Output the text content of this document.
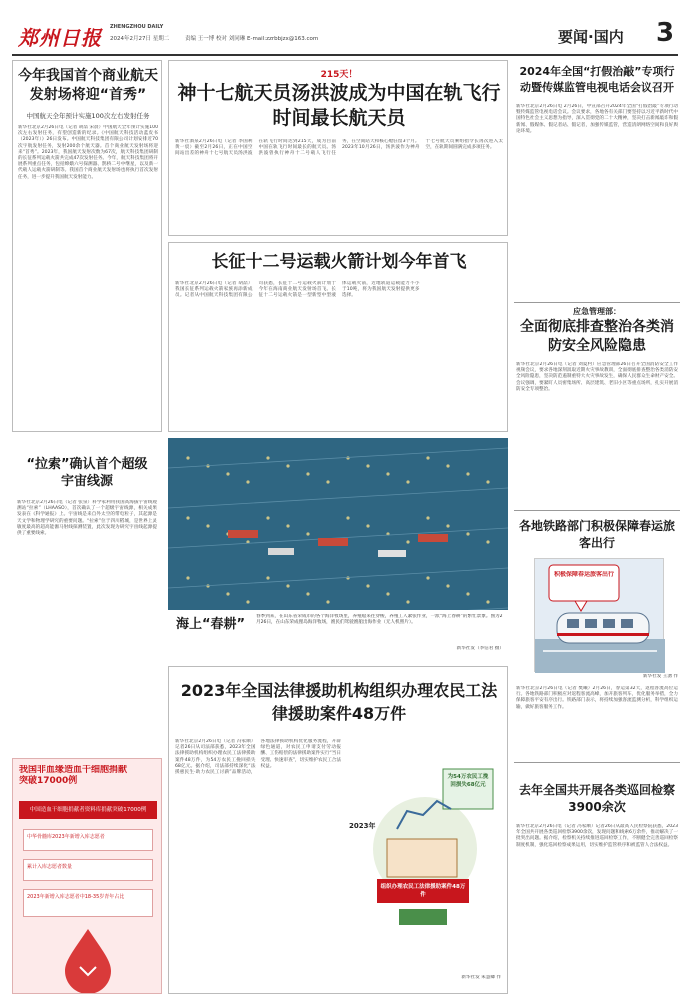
郑州日报	ZHENGZHOU DAILY
2024年2月27日 星期二	责编 王一博 校对 刘同琳 E-mail:zzrbbjzx@163.com	要闻·国内	3
今年我国首个商业航天发射场将迎“首秀”
中国航天全年预计实施100次左右发射任务
新华社北京2月26日电（记者 胡喆 宋晨）中国航天全年预计实施100次左右发射任务，有望创造新的纪录。《中国航天科技活动蓝皮书（2023年）》26日发布。中国航天科技集团有限公司计划安排近70次宇航发射任务，发射200余个航天器。首个商业航天发射场将迎来“首秀”。2023年，我国航天发射次数为67次，航天科技集团研制的长征系列运载火箭共完成47次发射任务。今年，航天科技集团将开展系列重点任务，包括嫦娥六号探测器、鹊桥二号中继星，以及新一代载人运载火箭研制等。我国首个商业航天发射场也将执行首次发射任务，进一步提升我国航天发射能力。
215天！
神十七航天员汤洪波成为中国在轨飞行时间最长航天员
新华社酒泉2月26日电（记者 李国利 黄一宸）截至2月26日，正在中国空间站出差的神舟十七号航天员汤洪波在轨飞行时间达到215天，成为目前中国在轨飞行时间最长的航天员。汤洪波曾执行神舟十二号载人飞行任务，在空间站天和核心舱驻留3个月。2023年10月26日，汤洪波作为神舟十七号航天员乘组指令长再次进入太空，在轨期间圆满完成多项任务。
长征十二号运载火箭计划今年首飞
新华社北京2月26日电（记者 胡喆）我国长征系列运载火箭家族再添新成员。记者从中国航天科技集团有限公司获悉，长征十二号运载火箭计划于今年在海南商业航天发射场首飞。长征十二号运载火箭是一型新型中型液体运载火箭，近地轨道运载能力不小于10吨，将为我国航天发射提供更多选择。
2024年全国“打假治敲”专项行动暨传媒监管电视电话会议召开
新华社北京2月26日电 2月26日，中宣部召开2024年全国“打假治敲”专项行动暨传媒监管电视电话会议。会议要求，各地各有关部门要坚持以习近平新时代中国特色社会主义思想为指导，深入贯彻党的二十大精神，坚决打击新闻敲诈和假新闻、假媒体、假记者站、假记者，加强传媒监管，营造清朗网络空间和良好舆论环境。
应急管理部：
全面彻底排查整治各类消防安全风险隐患
新华社北京2月26日电（记者 刘夏村）应急管理部26日召开全国消防安全工作视频会议，要求各地深刻汲取近期火灾事故教训，全面彻底排查整治各类消防安全风险隐患，坚决防范遏制重特大火灾事故发生，确保人民群众生命财产安全。会议强调，要紧盯人员密集场所、高层建筑、老旧小区等重点场所，扎实开展消防安全专项整治。
各地铁路部门积极保障春运旅客出行
积极保障春运旅客出行
新华社发 王湧 作
新华社北京2月26日电（记者 樊曦）2月26日，春运第32天，返程客流高位运行。各地铁路部门积极应对返程客流高峰，加开旅客列车，优化服务举措，全力保障旅客平安有序出行。铁路部门表示，将持续加强客流监测分析，科学组织运输，做好旅客服务工作。
去年全国共开展各类巡回检察3900余次
新华社北京2月26日电（记者 冯家顺）记者26日从最高人民检察院获悉，2023年全国共开展各类巡回检察3900余次，发现问题和线索6万余件，推动解决了一批突出问题。据介绍，检察机关持续推进巡回检察工作，不断健全完善巡回检察制度机制，强化巡回检察成果运用，切实维护监管秩序和被监管人合法权益。
“拉索”确认首个超级宇宙线源
新华社北京2月26日电（记者 张泉）科学家利用我国高海拔宇宙线观测站“拉索”（LHAASO），首次确认了一个超级宇宙线源，相关成果发表在《科学通报》上。宇宙线是来自外太空的带电粒子，其起源是天文学和物理学研究的重要问题。“拉索”位于四川稻城，是世界上灵敏度最高的超高能伽马射线探测装置，此次发现为研究宇宙线起源提供了重要线索。
我国非血缘造血干细胞捐献突破17000例
中国造血干细胞捐献者资料库捐献突破17000例
中华骨髓库2023年新增入库志愿者
累计入库志愿者数量
2023年新增入库志愿者中18-35岁青年占比
海上“春耕”
春季到来，在山东省荣成市的各个海洋牧场里，养殖船来往穿梭，养殖工人紧张作业，一派“海上春耕”的繁忙景象。图为2月26日，在山东荣成俚岛海洋牧场，渔民们驾驶渔船出海作业（无人机照片）。
新华社发（李信君 摄）
2023年全国法律援助机构组织办理农民工法律援助案件48万件
新华社北京2月26日电（记者 冯家顺）记者26日从司法部获悉，2023年全国法律援助机构组织办理农民工法律援助案件48万件，为54万农民工挽回损失68亿元。据介绍，司法部持续深化“法援惠民生·助力农民工讨薪”品牌活动，各地法律援助机构优化服务流程，开辟绿色通道，对农民工申请支付劳动报酬、工伤赔偿的法律援助案件实行“当日受理、快速审查”，切实维护农民工合法权益。
2023年
为54万农民工挽回损失68亿元
组织办理农民工法律援助案件48万件
新华社发 朱慧卿 作
